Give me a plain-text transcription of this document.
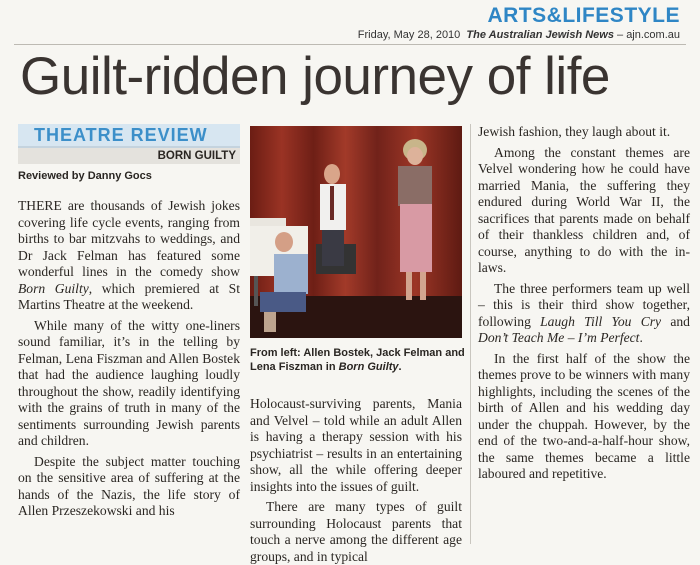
ARTS&LIFESTYLE
Friday, May 28, 2010 The Australian Jewish News – ajn.com.au
Guilt-ridden journey of life
THEATRE REVIEW
BORN GUILTY
Reviewed by Danny Gocs

THERE are thousands of Jewish jokes covering life cycle events, ranging from births to bar mitzvahs to weddings, and Dr Jack Felman has featured some wonderful lines in the comedy show Born Guilty, which premiered at St Martins Theatre at the weekend.

While many of the witty one-liners sound familiar, it’s in the telling by Felman, Lena Fiszman and Allen Bostek that had the audience laughing loudly throughout the show, readily identifying with the grains of truth in many of the sentiments surrounding Jewish parents and children.

Despite the subject matter touching on the sensitive area of suffering at the hands of the Nazis, the life story of Allen Przeszekowski and his

From left: Allen Bostek, Jack Felman and Lena Fiszman in Born Guilty.

Holocaust-surviving parents, Mania and Velvel – told while an adult Allen is having a therapy session with his psychiatrist – results in an entertaining show, all the while offering deeper insights into the issues of guilt.

There are many types of guilt surrounding Holocaust parents that touch a nerve among the different age groups, and in typical

Jewish fashion, they laugh about it.

Among the constant themes are Velvel wondering how he could have married Mania, the suffering they endured during World War II, the sacrifices that parents made on behalf of their thankless children and, of course, anything to do with the in-laws.

The three performers team up well – this is their third show together, following Laugh Till You Cry and Don’t Teach Me – I’m Perfect.

In the first half of the show the themes prove to be winners with many highlights, including the scenes of the birth of Allen and his wedding day under the chuppah. However, by the end of the two-and-a-half-hour show, the same themes became a little laboured and repetitive.
